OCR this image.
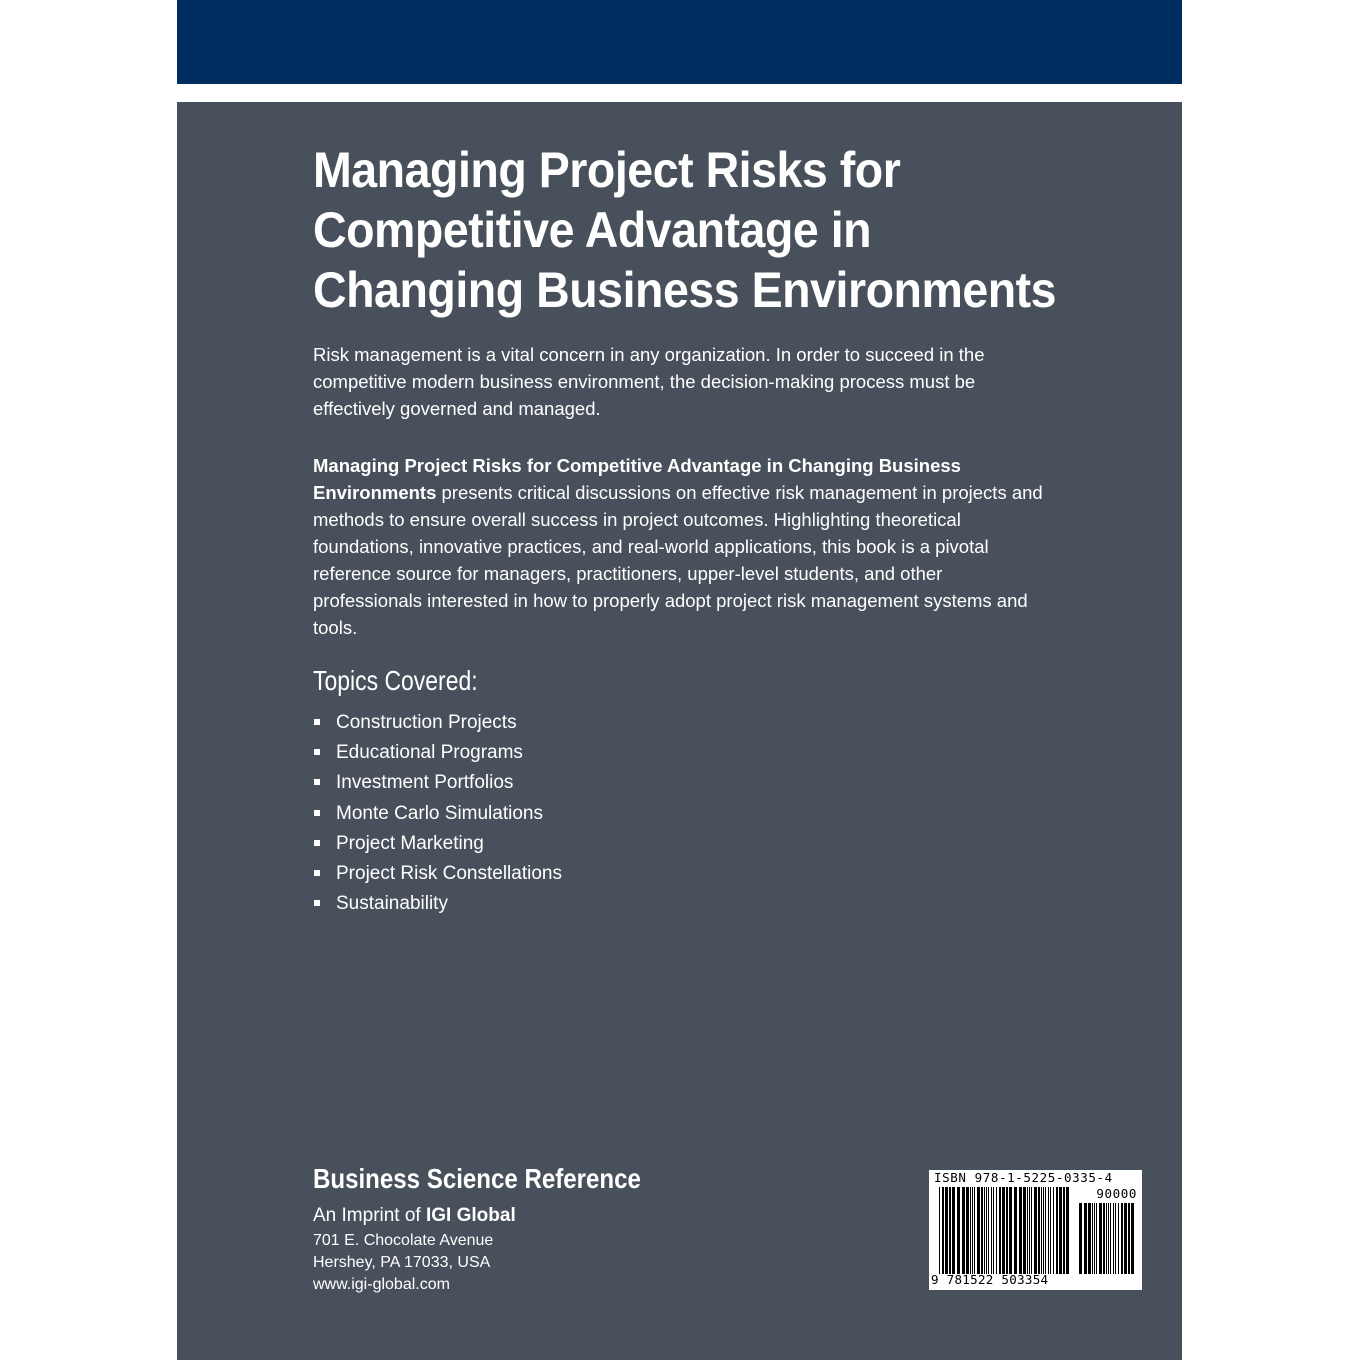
Managing Project Risks for
Competitive Advantage in
Changing Business Environments

Risk management is a vital concern in any organization. In order to succeed in the competitive modern business environment, the decision-making process must be effectively governed and managed.

Managing Project Risks for Competitive Advantage in Changing Business Environments presents critical discussions on effective risk management in projects and methods to ensure overall success in project outcomes. Highlighting theoretical foundations, innovative practices, and real-world applications, this book is a pivotal reference source for managers, practitioners, upper-level students, and other professionals interested in how to properly adopt project risk management systems and tools.

Topics Covered:
Construction Projects
Educational Programs
Investment Portfolios
Monte Carlo Simulations
Project Marketing
Project Risk Constellations
Sustainability
Business Science Reference
An Imprint of IGI Global
701 E. Chocolate Avenue
Hershey, PA 17033, USA
www.igi-global.com
ISBN 978-1-5225-0335-4
90000
9 781522 503354
